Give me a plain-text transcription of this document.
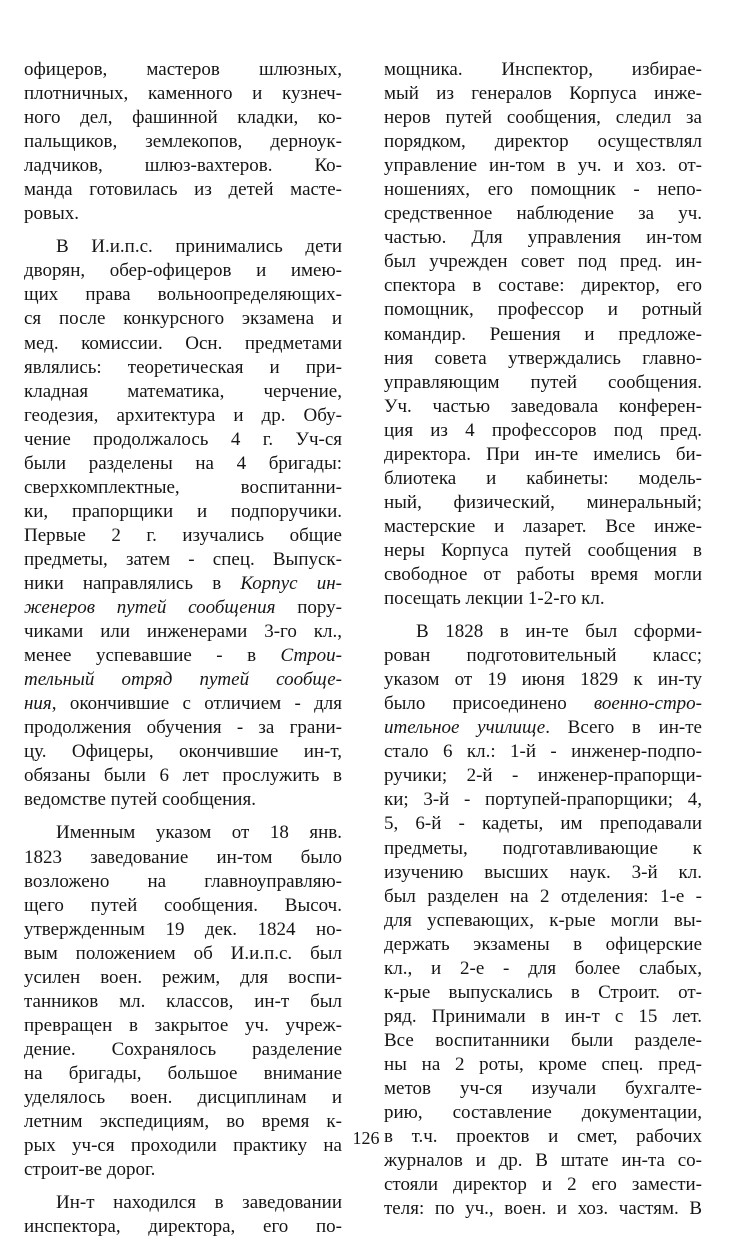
офицеров, мастеров шлюзных,
плотничных, каменного и кузнеч-
ного дел, фашинной кладки, ко-
пальщиков, землекопов, дерноук-
ладчиков, шлюз-вахтеров. Ко-
манда готовилась из детей масте-
ровых.
В И.и.п.с. принимались дети
дворян, обер-офицеров и имею-
щих права вольноопределяющих-
ся после конкурсного экзамена и
мед. комиссии. Осн. предметами
являлись: теоретическая и при-
кладная математика, черчение,
геодезия, архитектура и др. Обу-
чение продолжалось 4 г. Уч-ся
были разделены на 4 бригады:
сверхкомплектные, воспитанни-
ки, прапорщики и подпоручики.
Первые 2 г. изучались общие
предметы, затем - спец. Выпуск-
ники направлялись в Корпус ин-
женеров путей сообщения пору-
чиками или инженерами 3-го кл.,
менее успевавшие - в Строи-
тельный отряд путей сообще-
ния, окончившие с отличием - для
продолжения обучения - за грани-
цу. Офицеры, окончившие ин-т,
обязаны были 6 лет прослужить в
ведомстве путей сообщения.
Именным указом от 18 янв.
1823 заведование ин-том было
возложено на главноуправляю-
щего путей сообщения. Высоч.
утвержденным 19 дек. 1824 но-
вым положением об И.и.п.с. был
усилен воен. режим, для воспи-
танников мл. классов, ин-т был
превращен в закрытое уч. учреж-
дение. Сохранялось разделение
на бригады, большое внимание
уделялось воен. дисциплинам и
летним экспедициям, во время к-
рых уч-ся проходили практику на
строит-ве дорог.
Ин-т находился в заведовании
инспектора, директора, его по-
мощника. Инспектор, избирае-
мый из генералов Корпуса инже-
неров путей сообщения, следил за
порядком, директор осуществлял
управление ин-том в уч. и хоз. от-
ношениях, его помощник - непо-
средственное наблюдение за уч.
частью. Для управления ин-том
был учрежден совет под пред. ин-
спектора в составе: директор, его
помощник, профессор и ротный
командир. Решения и предложе-
ния совета утверждались главно-
управляющим путей сообщения.
Уч. частью заведовала конферен-
ция из 4 профессоров под пред.
директора. При ин-те имелись би-
блиотека и кабинеты: модель-
ный, физический, минеральный;
мастерские и лазарет. Все инже-
неры Корпуса путей сообщения в
свободное от работы время могли
посещать лекции 1-2-го кл.
В 1828 в ин-те был сформи-
рован подготовительный класс;
указом от 19 июня 1829 к ин-ту
было присоединено военно-стро-
ительное училище. Всего в ин-те
стало 6 кл.: 1-й - инженер-подпо-
ручики; 2-й - инженер-прапорщи-
ки; 3-й - портупей-прапорщики; 4,
5, 6-й - кадеты, им преподавали
предметы, подготавливающие к
изучению высших наук. 3-й кл.
был разделен на 2 отделения: 1-е -
для успевающих, к-рые могли вы-
держать экзамены в офицерские
кл., и 2-е - для более слабых,
к-рые выпускались в Строит. от-
ряд. Принимали в ин-т с 15 лет.
Все воспитанники были разделе-
ны на 2 роты, кроме спец. пред-
метов уч-ся изучали бухгалте-
рию, составление документации,
в т.ч. проектов и смет, рабочих
журналов и др. В штате ин-та со-
стояли директор и 2 его замести-
теля: по уч., воен. и хоз. частям. В
126
